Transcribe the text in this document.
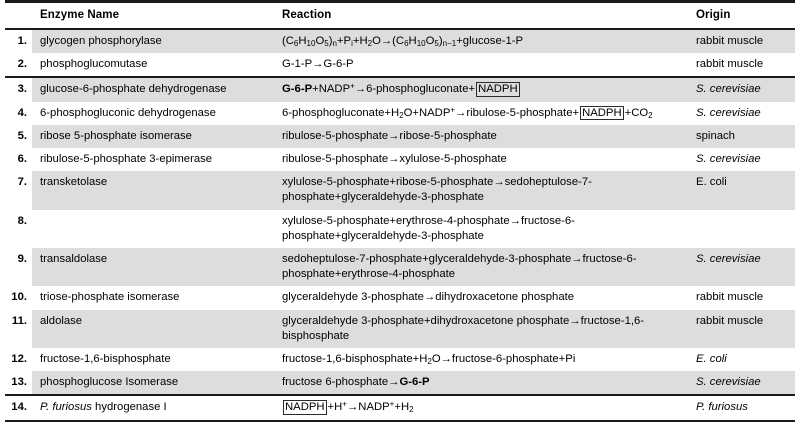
	Enzyme Name	Reaction	Origin

1.	glycogen phosphorylase	$(C_6H_{10}O_5)_n+P_i+H_2O\to(C_6H_{10}O_5)_{n-1}+glucose-1-P$	rabbit muscle
2.	phosphoglucomutase	G-1-P→G-6-P	rabbit muscle
3.	glucose-6-phosphate dehydrogenase	G-6-P+NADP+→6-phosphogluconate+ NADPH	S. cerevisiae
4.	6-phosphogluconic dehydrogenase	$6-phosphogluconate+H_2O+NADP^+\to ribulose-5-phosphate+$ NADPH $+CO_2$	S. cerevisiae
5.	ribose 5-phosphate isomerase	ribulose-5-phosphate→ribose-5-phosphate	spinach
6.	ribulose-5-phosphate 3-epimerase	ribulose-5-phosphate→xylulose-5-phosphate	S. cerevisiae
7.	transketolase	xylulose-5-phosphate+ribose-5-phosphate→sedoheptulose-7-phosphate+glyceraldehyde-3-phosphate	E. coli
8.		xylulose-5-phosphate+erythrose-4-phosphate→fructose-6-phosphate+glyceraldehyde-3-phosphate	
9.	transaldolase	sedoheptulose-7-phosphate+glyceraldehyde-3-phosphate→fructose-6-phosphate+erythrose-4-phosphate	S. cerevisiae
10.	triose-phosphate isomerase	glyceraldehyde 3-phosphate→dihydroxacetone phosphate	rabbit muscle
11.	aldolase	glyceraldehyde 3-phosphate+dihydroxacetone phosphate→fructose-1,6-bisphosphate	rabbit muscle
12.	fructose-1,6-bisphosphate	fructose-$1,6-bisphosphate+H_2O\to fructose-6-phosphate+Pi$	E. coli
13.	phosphoglucose Isomerase	fructose 6-phosphate→G-6-P	S. cerevisiae
14.	P. furiosus hydrogenase I	NADPH $+H^+\to NADP^++H_2$	P. furiosus
